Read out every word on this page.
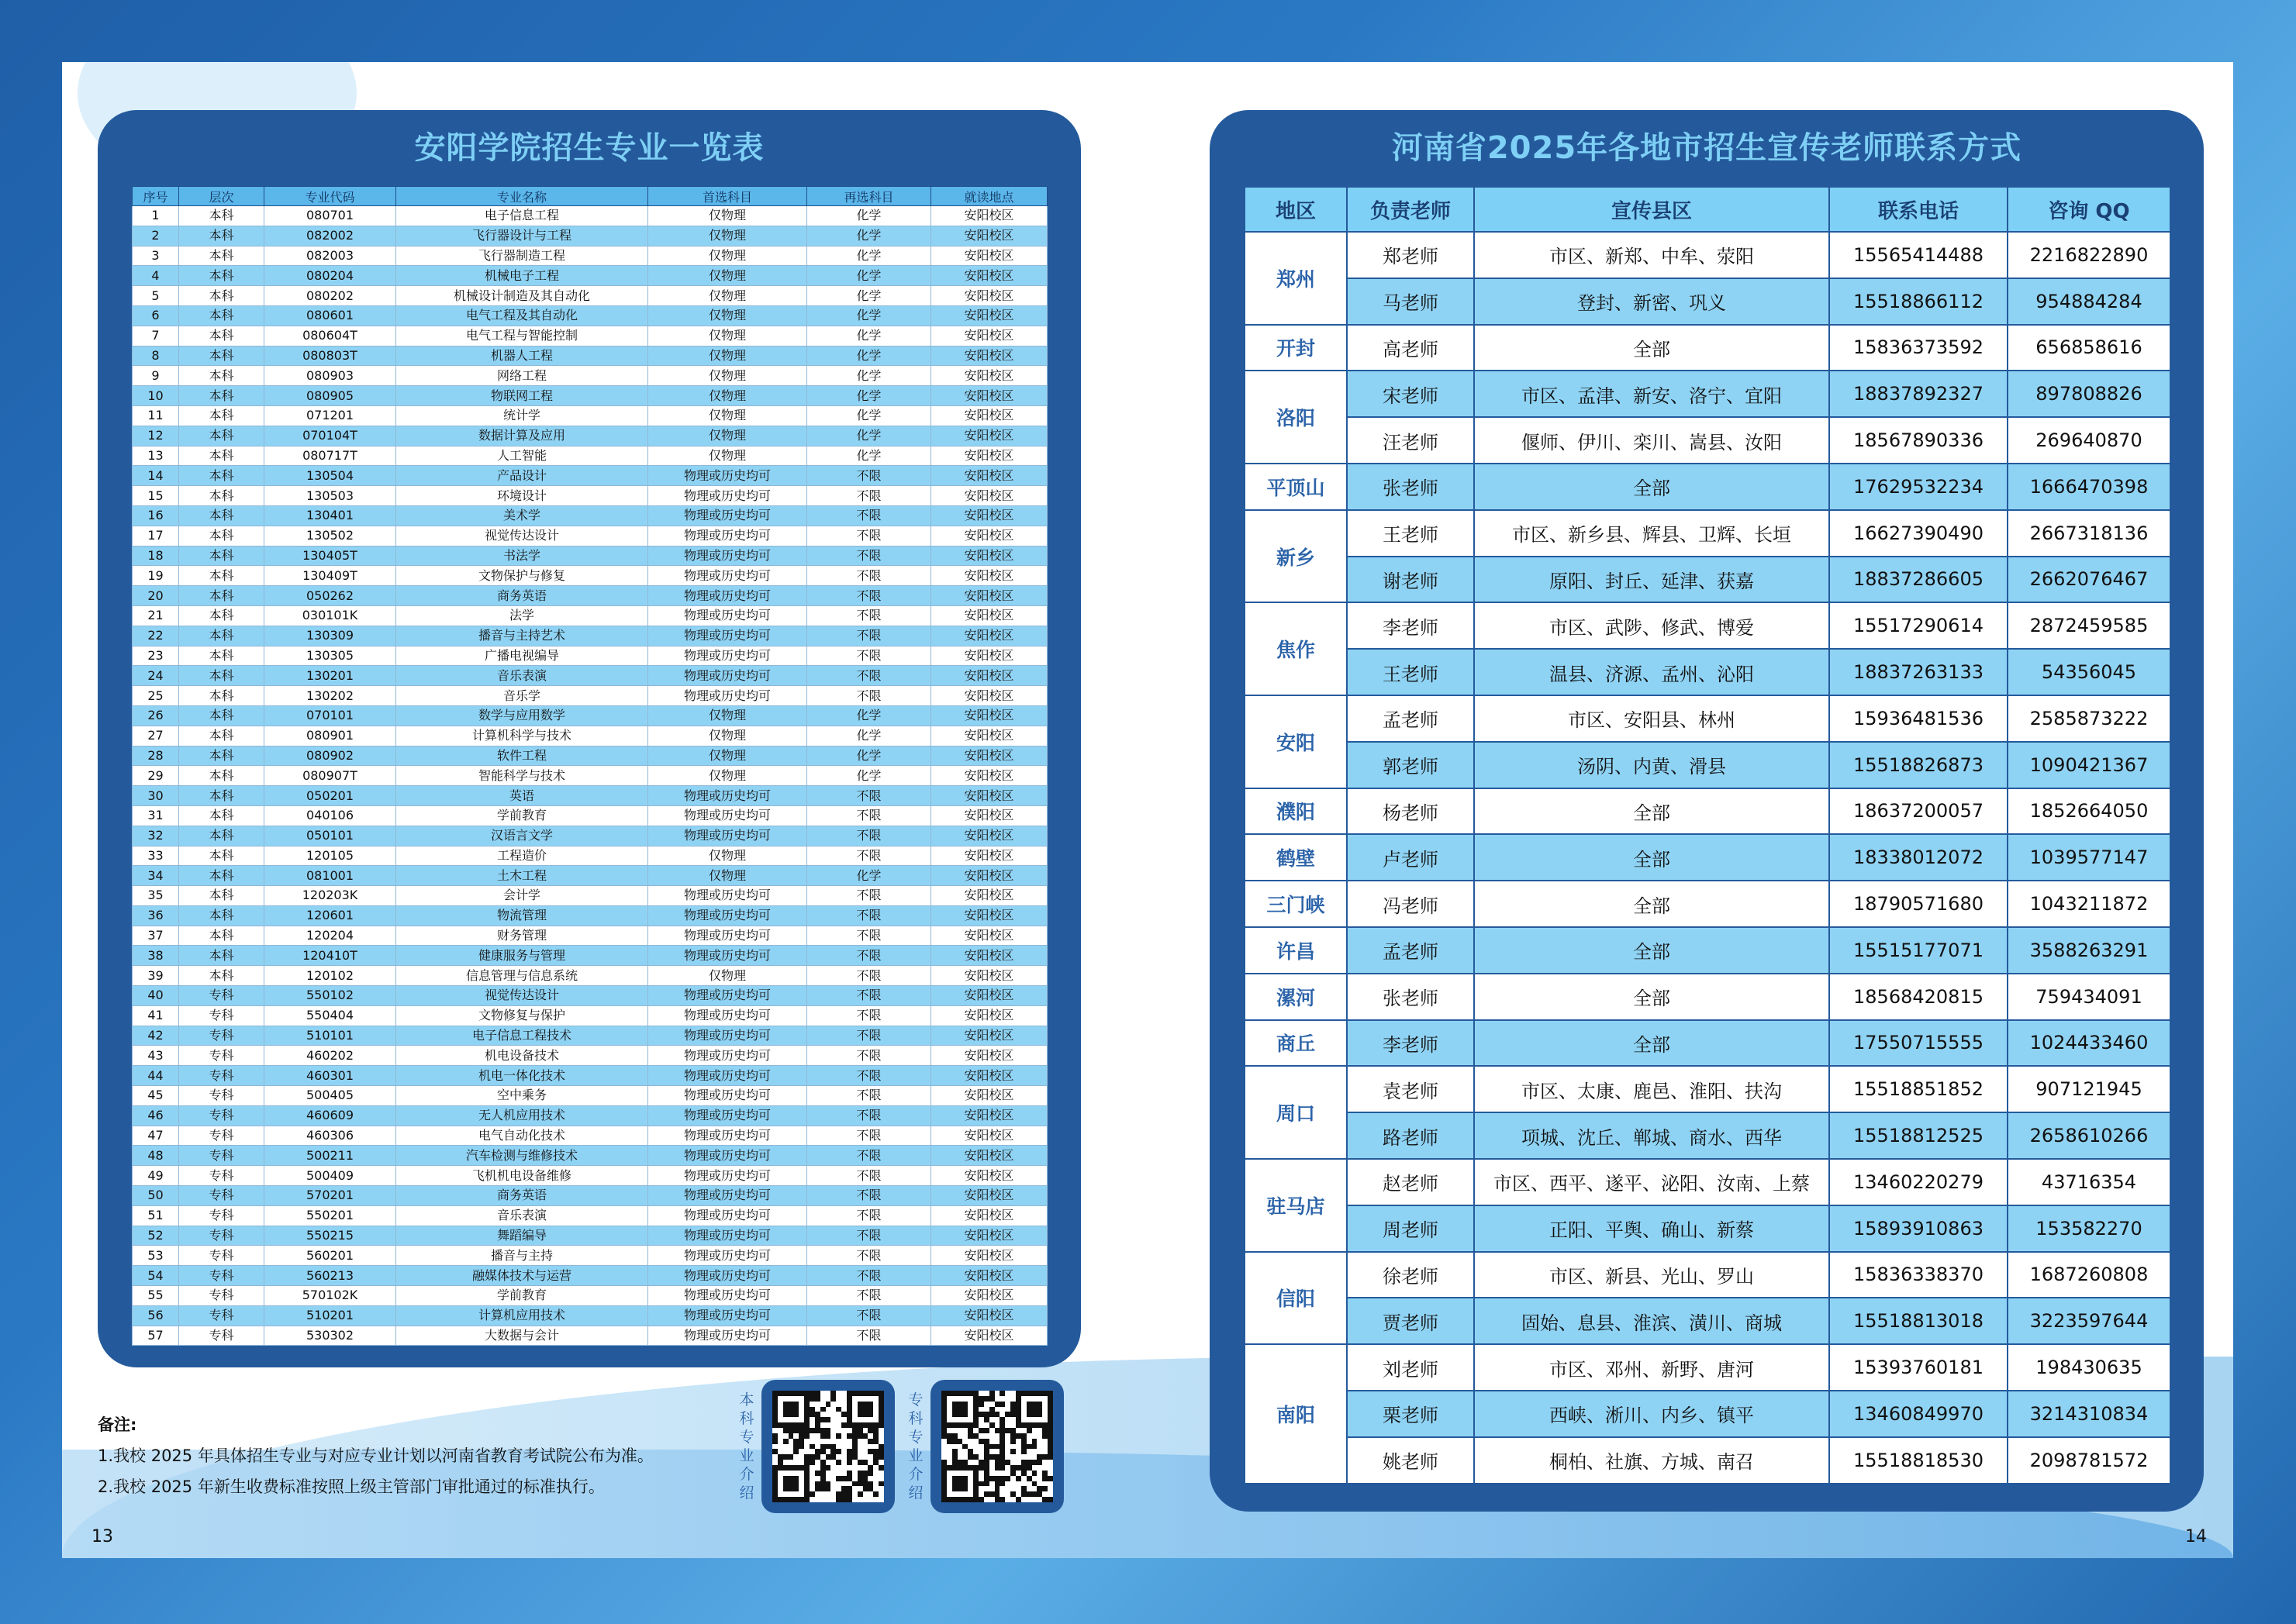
安阳学院招生专业一览表
序号	层次	专业代码	专业名称	首选科目	再选科目	就读地点
1	本科	080701	电子信息工程	仅物理	化学	安阳校区
2	本科	082002	飞行器设计与工程	仅物理	化学	安阳校区
3	本科	082003	飞行器制造工程	仅物理	化学	安阳校区
4	本科	080204	机械电子工程	仅物理	化学	安阳校区
5	本科	080202	机械设计制造及其自动化	仅物理	化学	安阳校区
6	本科	080601	电气工程及其自动化	仅物理	化学	安阳校区
7	本科	080604T	电气工程与智能控制	仅物理	化学	安阳校区
8	本科	080803T	机器人工程	仅物理	化学	安阳校区
9	本科	080903	网络工程	仅物理	化学	安阳校区
10	本科	080905	物联网工程	仅物理	化学	安阳校区
11	本科	071201	统计学	仅物理	化学	安阳校区
12	本科	070104T	数据计算及应用	仅物理	化学	安阳校区
13	本科	080717T	人工智能	仅物理	化学	安阳校区
14	本科	130504	产品设计	物理或历史均可	不限	安阳校区
15	本科	130503	环境设计	物理或历史均可	不限	安阳校区
16	本科	130401	美术学	物理或历史均可	不限	安阳校区
17	本科	130502	视觉传达设计	物理或历史均可	不限	安阳校区
18	本科	130405T	书法学	物理或历史均可	不限	安阳校区
19	本科	130409T	文物保护与修复	物理或历史均可	不限	安阳校区
20	本科	050262	商务英语	物理或历史均可	不限	安阳校区
21	本科	030101K	法学	物理或历史均可	不限	安阳校区
22	本科	130309	播音与主持艺术	物理或历史均可	不限	安阳校区
23	本科	130305	广播电视编导	物理或历史均可	不限	安阳校区
24	本科	130201	音乐表演	物理或历史均可	不限	安阳校区
25	本科	130202	音乐学	物理或历史均可	不限	安阳校区
26	本科	070101	数学与应用数学	仅物理	化学	安阳校区
27	本科	080901	计算机科学与技术	仅物理	化学	安阳校区
28	本科	080902	软件工程	仅物理	化学	安阳校区
29	本科	080907T	智能科学与技术	仅物理	化学	安阳校区
30	本科	050201	英语	物理或历史均可	不限	安阳校区
31	本科	040106	学前教育	物理或历史均可	不限	安阳校区
32	本科	050101	汉语言文学	物理或历史均可	不限	安阳校区
33	本科	120105	工程造价	仅物理	不限	安阳校区
34	本科	081001	土木工程	仅物理	化学	安阳校区
35	本科	120203K	会计学	物理或历史均可	不限	安阳校区
36	本科	120601	物流管理	物理或历史均可	不限	安阳校区
37	本科	120204	财务管理	物理或历史均可	不限	安阳校区
38	本科	120410T	健康服务与管理	物理或历史均可	不限	安阳校区
39	本科	120102	信息管理与信息系统	仅物理	不限	安阳校区
40	专科	550102	视觉传达设计	物理或历史均可	不限	安阳校区
41	专科	550404	文物修复与保护	物理或历史均可	不限	安阳校区
42	专科	510101	电子信息工程技术	物理或历史均可	不限	安阳校区
43	专科	460202	机电设备技术	物理或历史均可	不限	安阳校区
44	专科	460301	机电一体化技术	物理或历史均可	不限	安阳校区
45	专科	500405	空中乘务	物理或历史均可	不限	安阳校区
46	专科	460609	无人机应用技术	物理或历史均可	不限	安阳校区
47	专科	460306	电气自动化技术	物理或历史均可	不限	安阳校区
48	专科	500211	汽车检测与维修技术	物理或历史均可	不限	安阳校区
49	专科	500409	飞机机电设备维修	物理或历史均可	不限	安阳校区
50	专科	570201	商务英语	物理或历史均可	不限	安阳校区
51	专科	550201	音乐表演	物理或历史均可	不限	安阳校区
52	专科	550215	舞蹈编导	物理或历史均可	不限	安阳校区
53	专科	560201	播音与主持	物理或历史均可	不限	安阳校区
54	专科	560213	融媒体技术与运营	物理或历史均可	不限	安阳校区
55	专科	570102K	学前教育	物理或历史均可	不限	安阳校区
56	专科	510201	计算机应用技术	物理或历史均可	不限	安阳校区
57	专科	530302	大数据与会计	物理或历史均可	不限	安阳校区
河南省2025年各地市招生宣传老师联系方式
地区	负责老师	宣传县区	联系电话	咨询 QQ
郑州	郑老师	市区、新郑、中牟、荥阳	15565414488	2216822890
	马老师	登封、新密、巩义	15518866112	954884284
开封	高老师	全部	15836373592	656858616
洛阳	宋老师	市区、孟津、新安、洛宁、宜阳	18837892327	897808826
	汪老师	偃师、伊川、栾川、嵩县、汝阳	18567890336	269640870
平顶山	张老师	全部	17629532234	1666470398
新乡	王老师	市区、新乡县、辉县、卫辉、长垣	16627390490	2667318136
	谢老师	原阳、封丘、延津、获嘉	18837286605	2662076467
焦作	李老师	市区、武陟、修武、博爱	15517290614	2872459585
	王老师	温县、济源、孟州、沁阳	18837263133	54356045
安阳	孟老师	市区、安阳县、林州	15936481536	2585873222
	郭老师	汤阴、内黄、滑县	15518826873	1090421367
濮阳	杨老师	全部	18637200057	1852664050
鹤壁	卢老师	全部	18338012072	1039577147
三门峡	冯老师	全部	18790571680	1043211872
许昌	孟老师	全部	15515177071	3588263291
漯河	张老师	全部	18568420815	759434091
商丘	李老师	全部	17550715555	1024433460
周口	袁老师	市区、太康、鹿邑、淮阳、扶沟	15518851852	907121945
	路老师	项城、沈丘、郸城、商水、西华	15518812525	2658610266
驻马店	赵老师	市区、西平、遂平、泌阳、汝南、上蔡	13460220279	43716354
	周老师	正阳、平舆、确山、新蔡	15893910863	153582270
信阳	徐老师	市区、新县、光山、罗山	15836338370	1687260808
	贾老师	固始、息县、淮滨、潢川、商城	15518813018	3223597644
南阳	刘老师	市区、邓州、新野、唐河	15393760181	198430635
	栗老师	西峡、淅川、内乡、镇平	13460849970	3214310834
	姚老师	桐柏、社旗、方城、南召	15518818530	2098781572
备注:
1.我校 2025 年具体招生专业与对应专业计划以河南省教育考试院公布为准。
2.我校 2025 年新生收费标准按照上级主管部门审批通过的标准执行。
本科专业介绍
专科专业介绍
13	14
